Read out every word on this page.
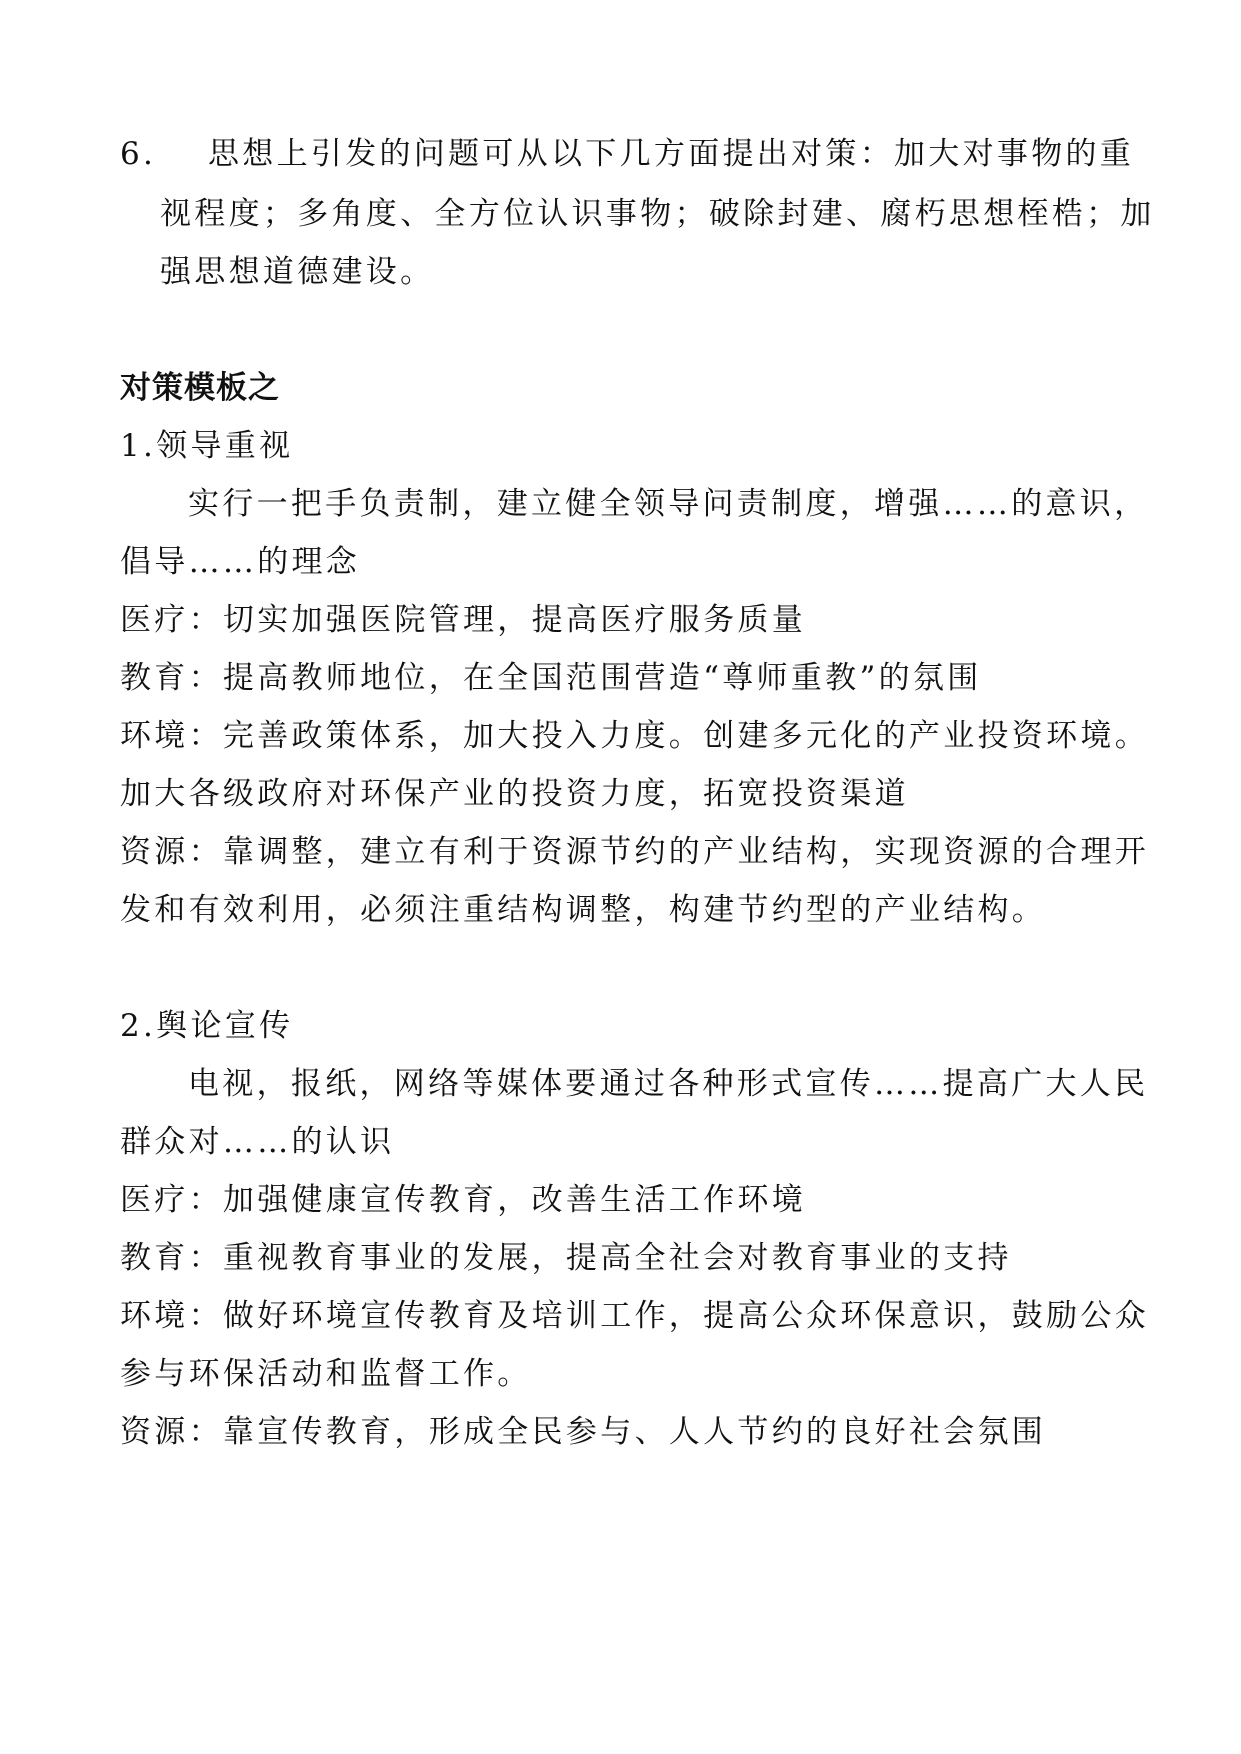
6. 思想上引发的问题可从以下几方面提出对策：加大对事物的重
视程度；多角度、全方位认识事物；破除封建、腐朽思想桎梏；加
强思想道德建设。
对策模板之
1.领导重视
实行一把手负责制，建立健全领导问责制度，增强……的意识，
倡导……的理念
医疗：切实加强医院管理，提高医疗服务质量
教育：提高教师地位，在全国范围营造“尊师重教”的氛围
环境：完善政策体系，加大投入力度。创建多元化的产业投资环境。
加大各级政府对环保产业的投资力度，拓宽投资渠道
资源：靠调整，建立有利于资源节约的产业结构，实现资源的合理开
发和有效利用，必须注重结构调整，构建节约型的产业结构。
2.舆论宣传
电视，报纸，网络等媒体要通过各种形式宣传……提高广大人民
群众对……的认识
医疗：加强健康宣传教育，改善生活工作环境
教育：重视教育事业的发展，提高全社会对教育事业的支持
环境：做好环境宣传教育及培训工作，提高公众环保意识，鼓励公众
参与环保活动和监督工作。
资源：靠宣传教育，形成全民参与、人人节约的良好社会氛围
